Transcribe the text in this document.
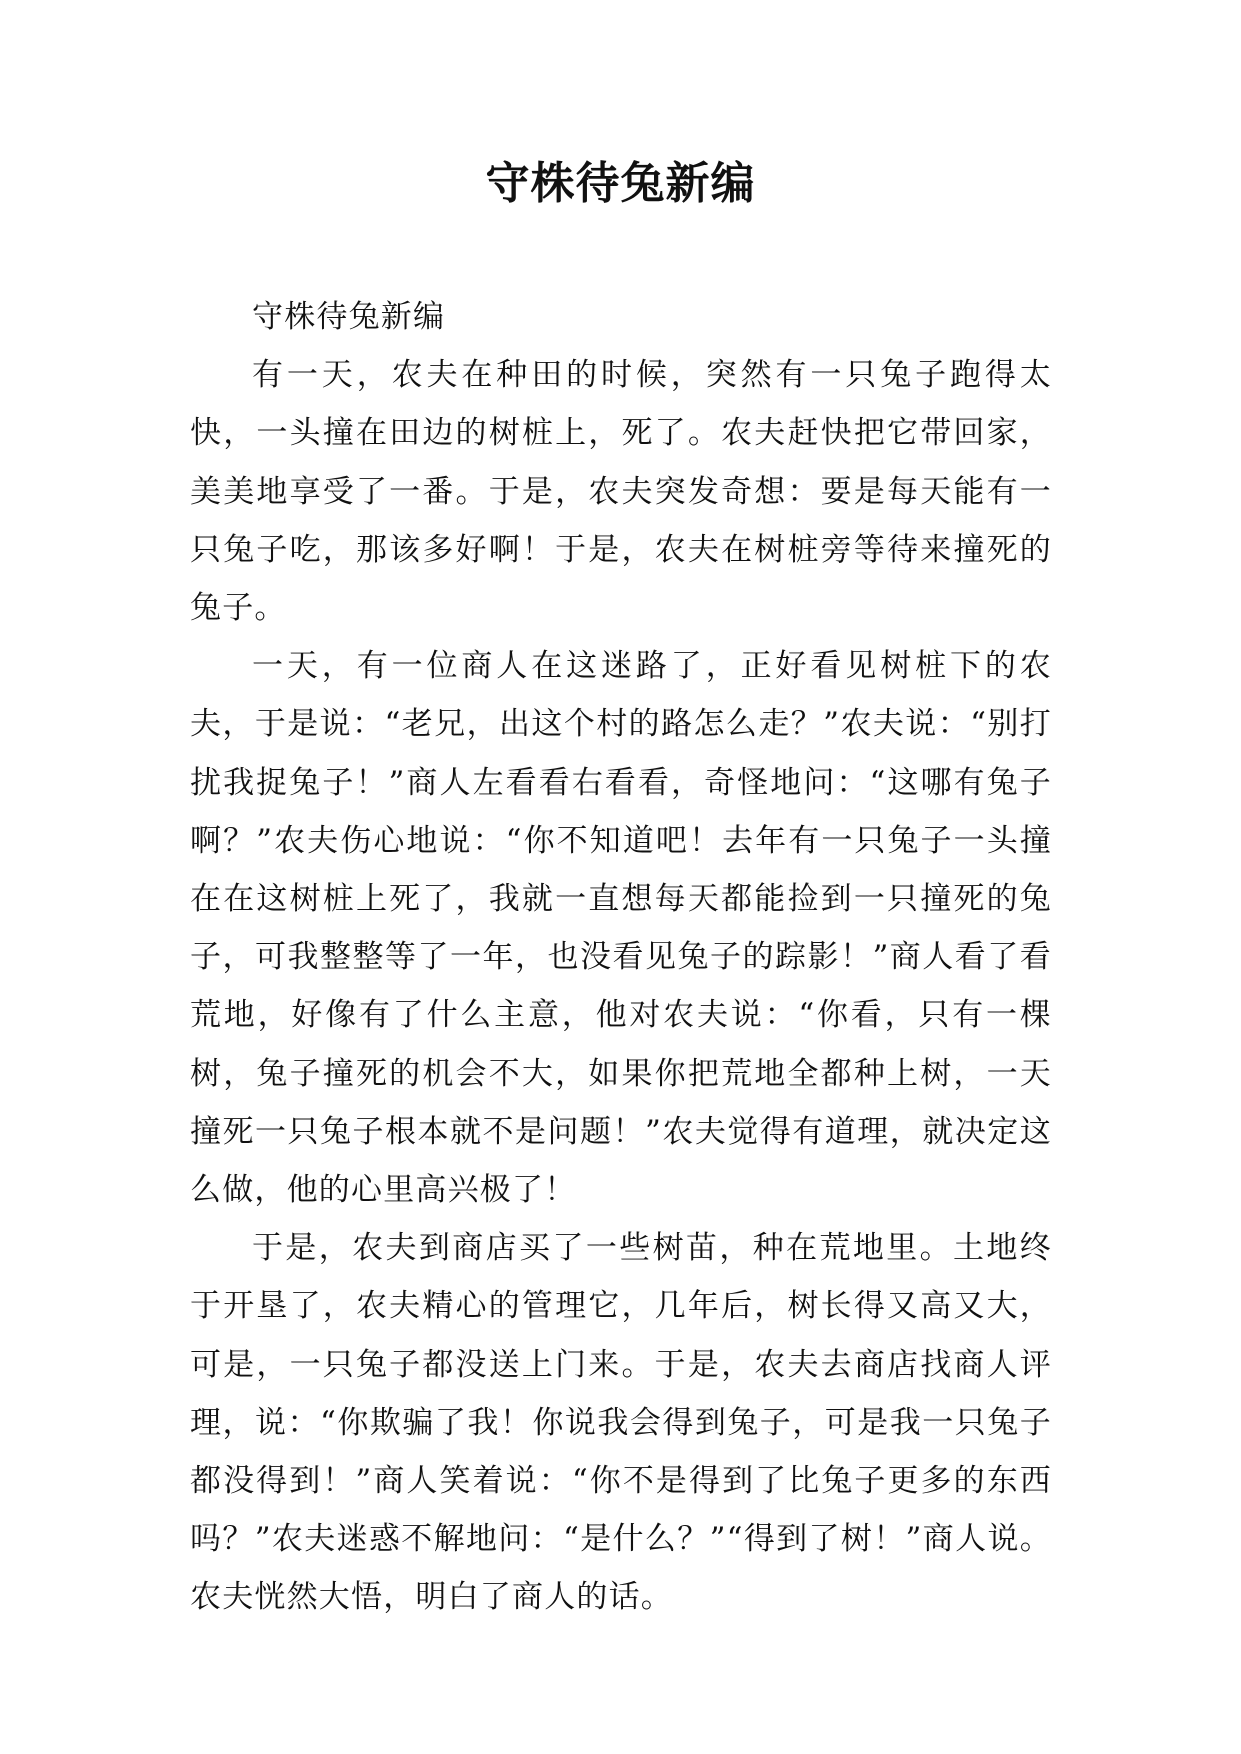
守株待兔新编

守株待兔新编

有一天，农夫在种田的时候，突然有一只兔子跑得太快，一头撞在田边的树桩上，死了。农夫赶快把它带回家，美美地享受了一番。于是，农夫突发奇想：要是每天能有一只兔子吃，那该多好啊！于是，农夫在树桩旁等待来撞死的兔子。

一天，有一位商人在这迷路了，正好看见树桩下的农夫，于是说：“老兄，出这个村的路怎么走？”农夫说：“别打扰我捉兔子！”商人左看看右看看，奇怪地问：“这哪有兔子啊？”农夫伤心地说：“你不知道吧！去年有一只兔子一头撞在在这树桩上死了，我就一直想每天都能捡到一只撞死的兔子，可我整整等了一年，也没看见兔子的踪影！”商人看了看荒地，好像有了什么主意，他对农夫说：“你看，只有一棵树，兔子撞死的机会不大，如果你把荒地全都种上树，一天撞死一只兔子根本就不是问题！”农夫觉得有道理，就决定这么做，他的心里高兴极了！

于是，农夫到商店买了一些树苗，种在荒地里。土地终于开垦了，农夫精心的管理它，几年后，树长得又高又大，可是，一只兔子都没送上门来。于是，农夫去商店找商人评理，说：“你欺骗了我！你说我会得到兔子，可是我一只兔子都没得到！”商人笑着说：“你不是得到了比兔子更多的东西吗？”农夫迷惑不解地问：“是什么？”“得到了树！”商人说。农夫恍然大悟，明白了商人的话。
